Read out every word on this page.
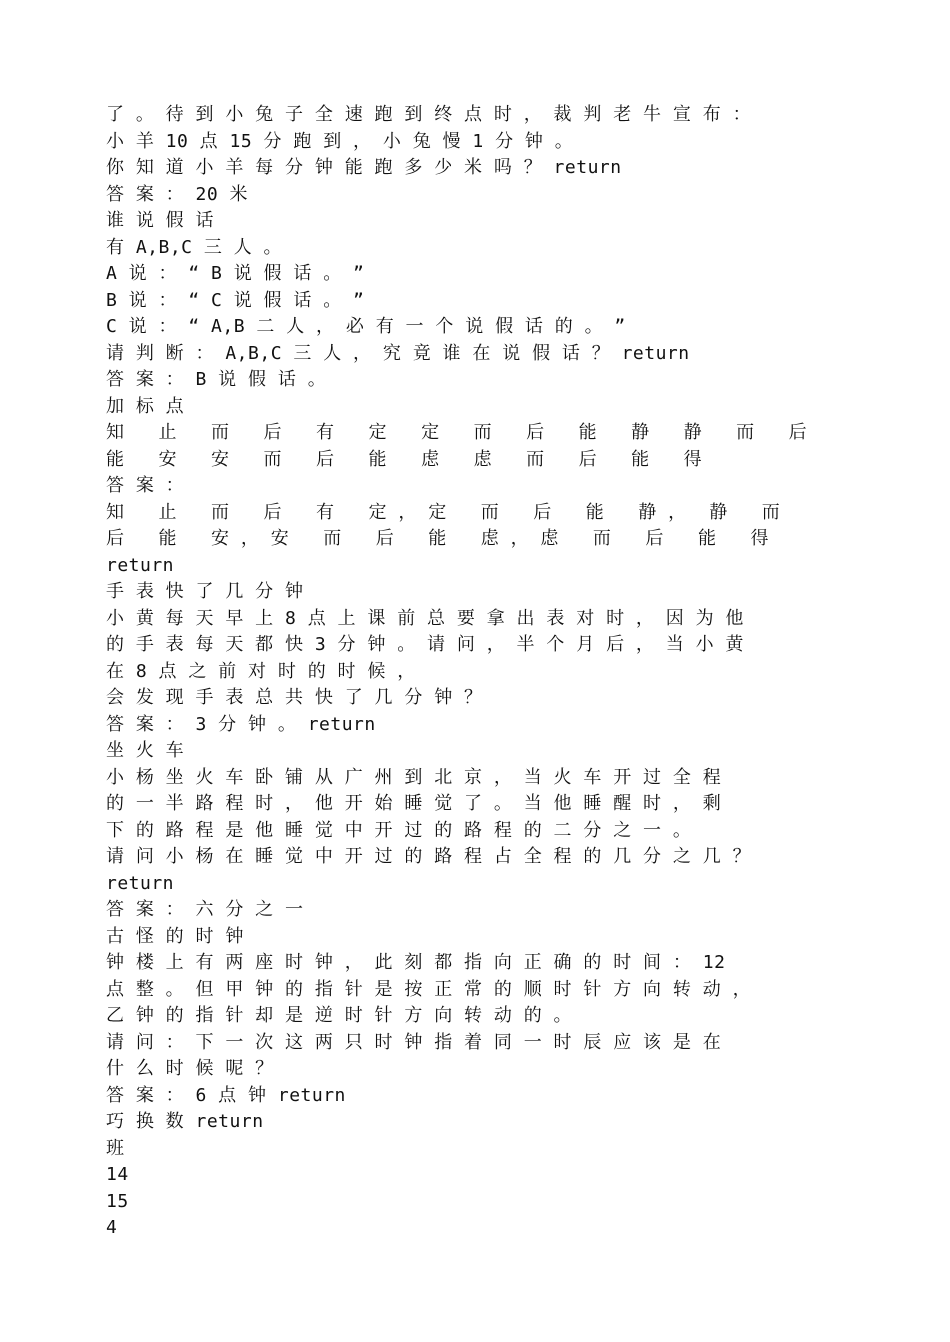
了 。 待 到 小 兔 子 全 速 跑 到 终 点 时 ， 裁 判 老 牛 宣 布 ：
小 羊 10 点 15 分 跑 到 ， 小 兔 慢 1 分 钟 。
你 知 道 小 羊 每 分 钟 能 跑 多 少 米 吗 ？ return
答 案 ： 20 米
谁 说 假 话
有 A,B,C 三 人 。
A 说 ： “ B 说 假 话 。 ”
B 说 ： “ C 说 假 话 。 ”
C 说 ： “ A,B 二 人 ， 必 有 一 个 说 假 话 的 。 ”
请 判 断 ： A,B,C 三 人 ， 究 竟 谁 在 说 假 话 ？ return
答 案 ： B 说 假 话 。
加 标 点
知   止   而   后   有   定   定   而   后   能   静   静   而   后
能   安   安   而   后   能   虑   虑   而   后   能   得
答 案 ：
知   止   而   后   有   定 ， 定   而   后   能   静 ，  静   而
后   能   安 ， 安   而   后   能   虑 ， 虑   而   后   能   得
return
手 表 快 了 几 分 钟
小 黄 每 天 早 上 8 点 上 课 前 总 要 拿 出 表 对 时 ， 因 为 他
的 手 表 每 天 都 快 3 分 钟 。 请 问 ， 半 个 月 后 ， 当 小 黄
在 8 点 之 前 对 时 的 时 候 ，
会 发 现 手 表 总 共 快 了 几 分 钟 ？
答 案 ： 3 分 钟 。 return
坐 火 车
小 杨 坐 火 车 卧 铺 从 广 州 到 北 京 ， 当 火 车 开 过 全 程
的 一 半 路 程 时 ， 他 开 始 睡 觉 了 。 当 他 睡 醒 时 ， 剩
下 的 路 程 是 他 睡 觉 中 开 过 的 路 程 的 二 分 之 一 。
请 问 小 杨 在 睡 觉 中 开 过 的 路 程 占 全 程 的 几 分 之 几 ？
return
答 案 ： 六 分 之 一
古 怪 的 时 钟
钟 楼 上 有 两 座 时 钟 ， 此 刻 都 指 向 正 确 的 时 间 ： 12
点 整 。 但 甲 钟 的 指 针 是 按 正 常 的 顺 时 针 方 向 转 动 ，
乙 钟 的 指 针 却 是 逆 时 针 方 向 转 动 的 。
请 问 ： 下 一 次 这 两 只 时 钟 指 着 同 一 时 辰 应 该 是 在
什 么 时 候 呢 ？
答 案 ： 6 点 钟 return
巧 换 数 return
班
14
15
4
